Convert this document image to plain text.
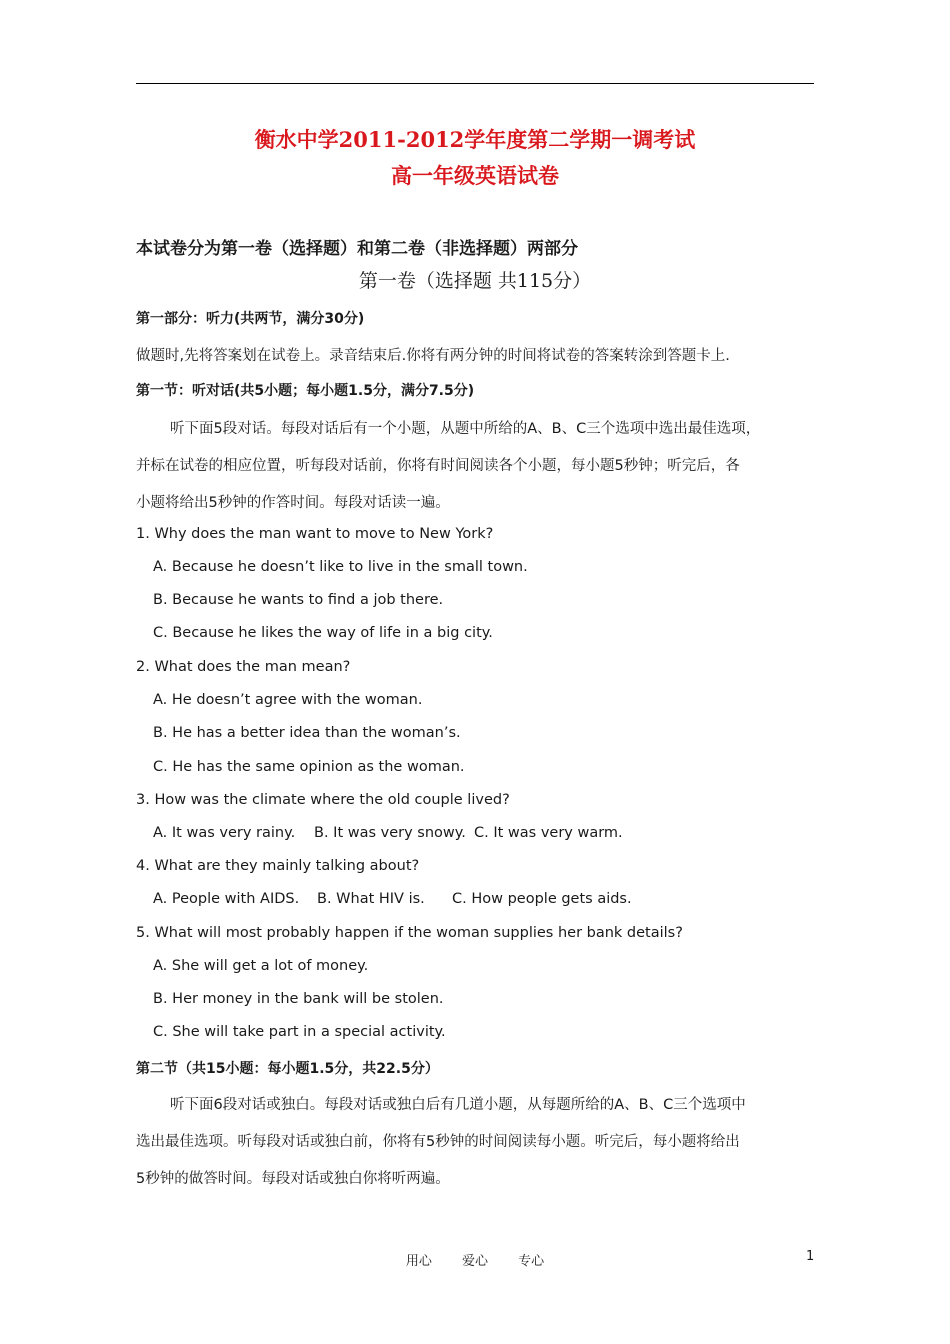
衡水中学2011-2012学年度第二学期一调考试
高一年级英语试卷
本试卷分为第一卷（选择题）和第二卷（非选择题）两部分
第一卷（选择题 共115分）
第一部分：听力(共两节，满分30分)
做题时,先将答案划在试卷上。录音结束后.你将有两分钟的时间将试卷的答案转涂到答题卡上.
第一节：听对话(共5小题；每小题1.5分，满分7.5分)
听下面5段对话。每段对话后有一个小题，从题中所给的A、B、C三个选项中选出最佳选项，
并标在试卷的相应位置，听每段对话前，你将有时间阅读各个小题，每小题5秒钟；听完后，各
小题将给出5秒钟的作答时间。每段对话读一遍。
1. Why does the man want to move to New York?
A. Because he doesn’t like to live in the small town.
B. Because he wants to find a job there.
C. Because he likes the way of life in a big city.
2. What does the man mean?
A. He doesn’t agree with the woman.
B. He has a better idea than the woman’s.
C. He has the same opinion as the woman.
3. How was the climate where the old couple lived?
A. It was very rainy. B. It was very snowy. C. It was very warm.
4. What are they mainly talking about?
A. People with AIDS. B. What HIV is. C. How people gets aids.
5. What will most probably happen if the woman supplies her bank details?
A. She will get a lot of money.
B. Her money in the bank will be stolen.
C. She will take part in a special activity.
第二节（共15小题：每小题1.5分，共22.5分）
听下面6段对话或独白。每段对话或独白后有几道小题，从每题所给的A、B、C三个选项中
选出最佳选项。听每段对话或独白前，你将有5秒钟的时间阅读每小题。听完后，每小题将给出
5秒钟的做答时间。每段对话或独白你将听两遍。
用心 爱心 专心	1
